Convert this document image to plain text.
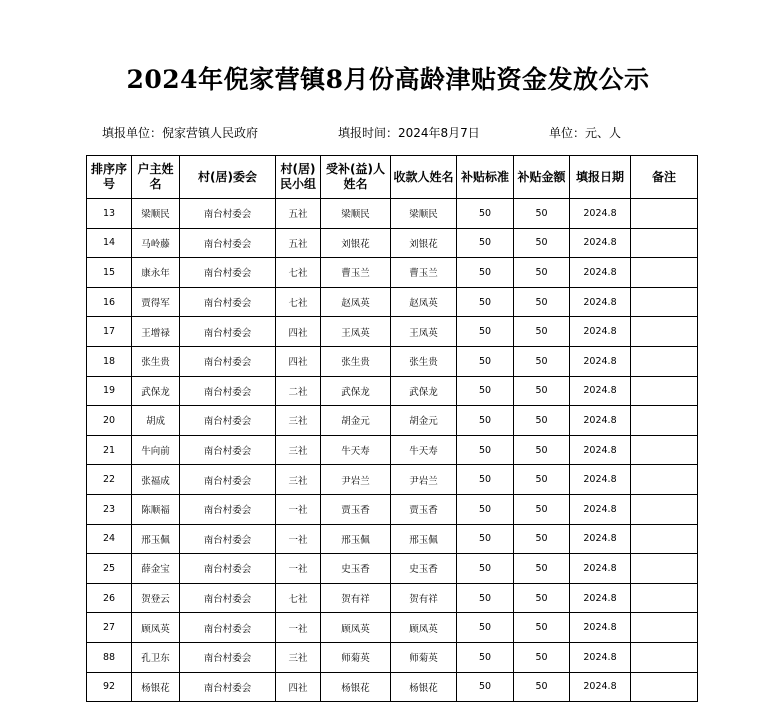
2024年倪家营镇8月份高龄津贴资金发放公示
填报单位：倪家营镇人民政府	填报时间：2024年8月7日	单位：元、人
排序序号	户主姓名	村(居)委会	村(居)民小组	受补(益)人姓名	收款人姓名	补贴标准	补贴金额	填报日期	备注
13	梁顺民	南台村委会	五社	梁顺民	梁顺民	50	50	2024.8	
14	马岭藤	南台村委会	五社	刘银花	刘银花	50	50	2024.8	
15	康永年	南台村委会	七社	曹玉兰	曹玉兰	50	50	2024.8	
16	贾得军	南台村委会	七社	赵凤英	赵凤英	50	50	2024.8	
17	王增禄	南台村委会	四社	王凤英	王凤英	50	50	2024.8	
18	张生贵	南台村委会	四社	张生贵	张生贵	50	50	2024.8	
19	武保龙	南台村委会	二社	武保龙	武保龙	50	50	2024.8	
20	胡成	南台村委会	三社	胡金元	胡金元	50	50	2024.8	
21	牛向前	南台村委会	三社	牛天寿	牛天寿	50	50	2024.8	
22	张福成	南台村委会	三社	尹岩兰	尹岩兰	50	50	2024.8	
23	陈顺福	南台村委会	一社	贾玉香	贾玉香	50	50	2024.8	
24	邢玉佩	南台村委会	一社	邢玉佩	邢玉佩	50	50	2024.8	
25	薛金宝	南台村委会	一社	史玉香	史玉香	50	50	2024.8	
26	贺登云	南台村委会	七社	贺有祥	贺有祥	50	50	2024.8	
27	顾凤英	南台村委会	一社	顾凤英	顾凤英	50	50	2024.8	
88	孔卫东	南台村委会	三社	师菊英	师菊英	50	50	2024.8	
92	杨银花	南台村委会	四社	杨银花	杨银花	50	50	2024.8	
